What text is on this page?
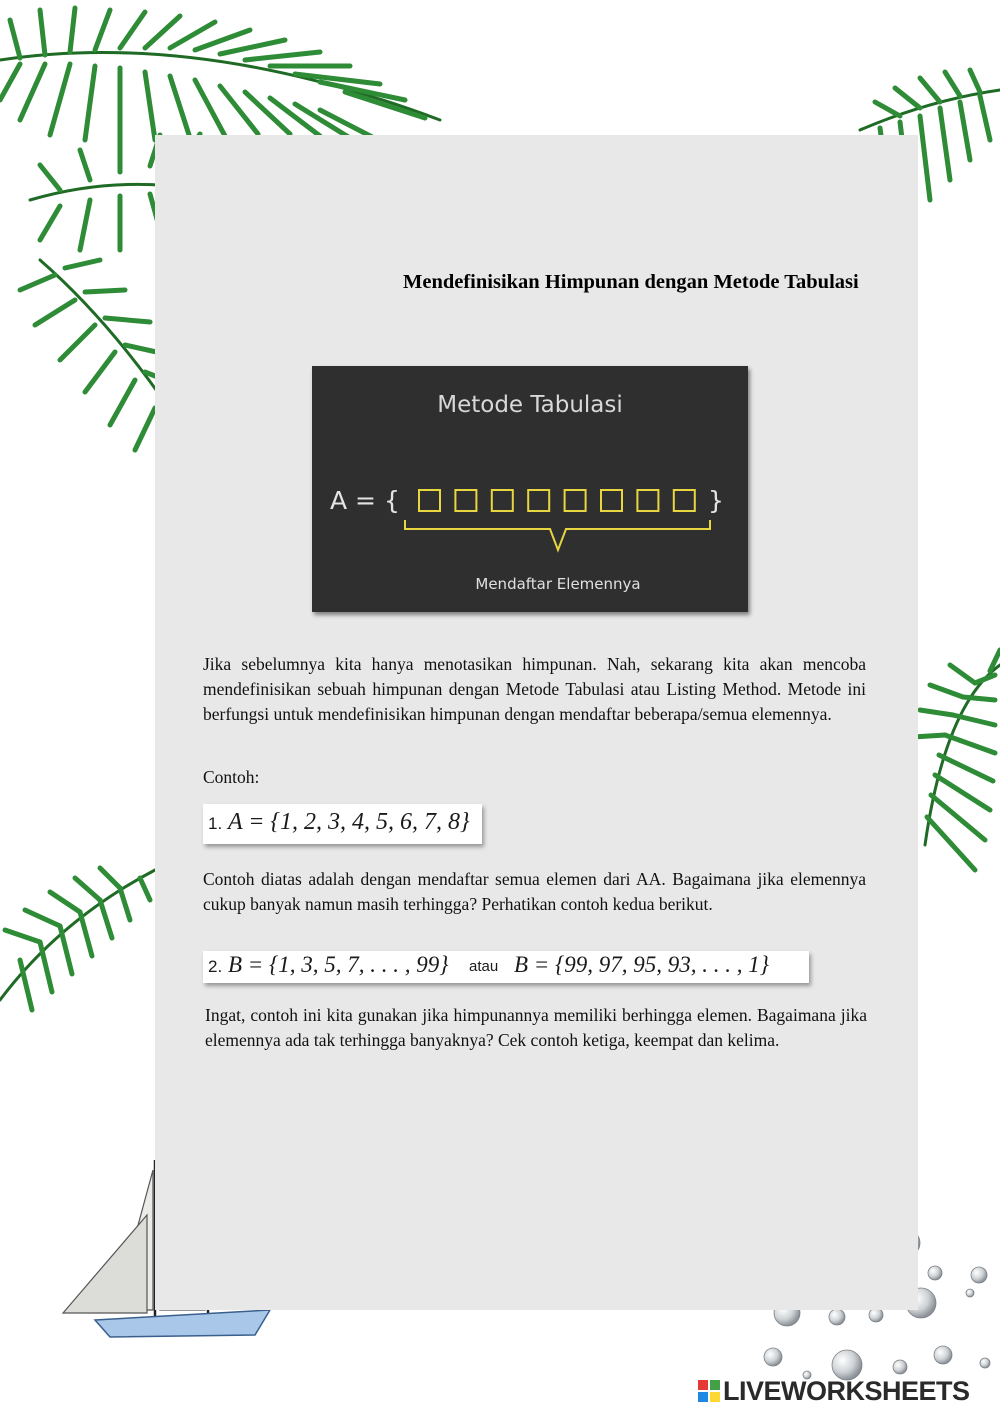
Mendefinisikan Himpunan dengan Metode Tabulasi
Metode Tabulasi
A = {	}
Mendaftar Elemennya

Jika sebelumnya kita hanya menotasikan himpunan. Nah, sekarang kita akan mencoba mendefinisikan sebuah himpunan dengan Metode Tabulasi atau Listing Method. Metode ini berfungsi untuk mendefinisikan himpunan dengan mendaftar beberapa/semua elemennya.

Contoh:

1. A = {1, 2, 3, 4, 5, 6, 7, 8}

Contoh diatas adalah dengan mendaftar semua elemen dari AA. Bagaimana jika elemennya cukup banyak namun masih terhingga? Perhatikan contoh kedua berikut.

2. B = {1, 3, 5, 7, . . . , 99} atau B = {99, 97, 95, 93, . . . , 1}

Ingat, contoh ini kita gunakan jika himpunannya memiliki berhingga elemen. Bagaimana jika elemennya ada tak terhingga banyaknya? Cek contoh ketiga, keempat dan kelima.

LIVEWORKSHEETS
